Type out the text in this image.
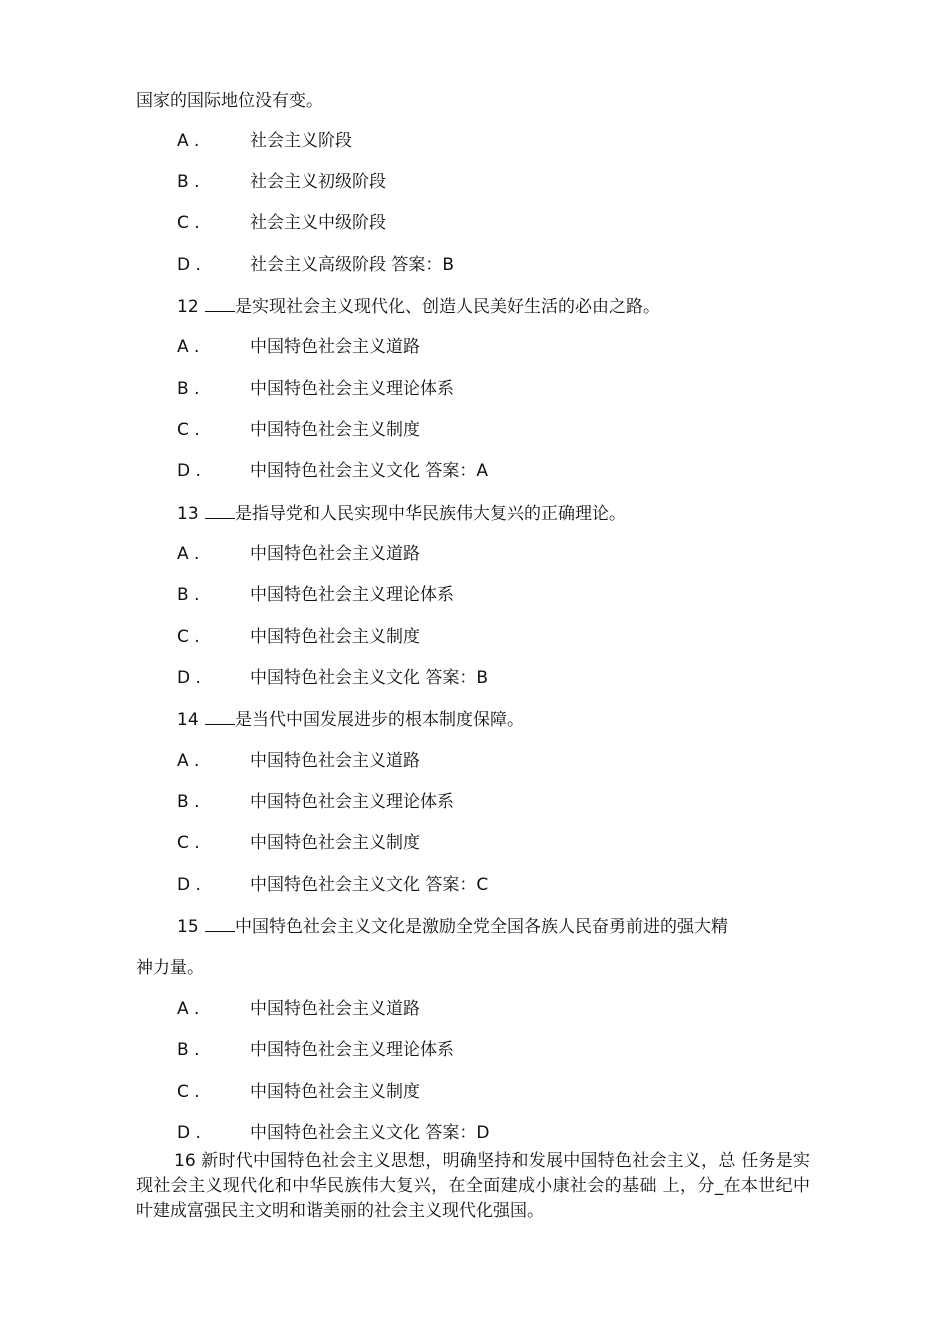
国家的国际地位没有变。
A .	社会主义阶段
B .	社会主义初级阶段
C .	社会主义中级阶段
D .	社会主义高级阶段 答案：B
12 是实现社会主义现代化、创造人民美好生活的必由之路。
A .	中国特色社会主义道路
B .	中国特色社会主义理论体系
C .	中国特色社会主义制度
D .	中国特色社会主义文化 答案：A
13 是指导党和人民实现中华民族伟大复兴的正确理论。
A .	中国特色社会主义道路
B .	中国特色社会主义理论体系
C .	中国特色社会主义制度
D .	中国特色社会主义文化 答案：B
14 是当代中国发展进步的根本制度保障。
A .	中国特色社会主义道路
B .	中国特色社会主义理论体系
C .	中国特色社会主义制度
D .	中国特色社会主义文化 答案：C
15 中国特色社会主义文化是激励全党全国各族人民奋勇前进的强大精
神力量。
A .	中国特色社会主义道路
B .	中国特色社会主义理论体系
C .	中国特色社会主义制度
D .	中国特色社会主义文化 答案：D
16 新时代中国特色社会主义思想，明确坚持和发展中国特色社会主义，总 任务是实现社会主义现代化和中华民族伟大复兴，在全面建成小康社会的基础 上，分_在本世纪中叶建成富强民主文明和谐美丽的社会主义现代化强国。
